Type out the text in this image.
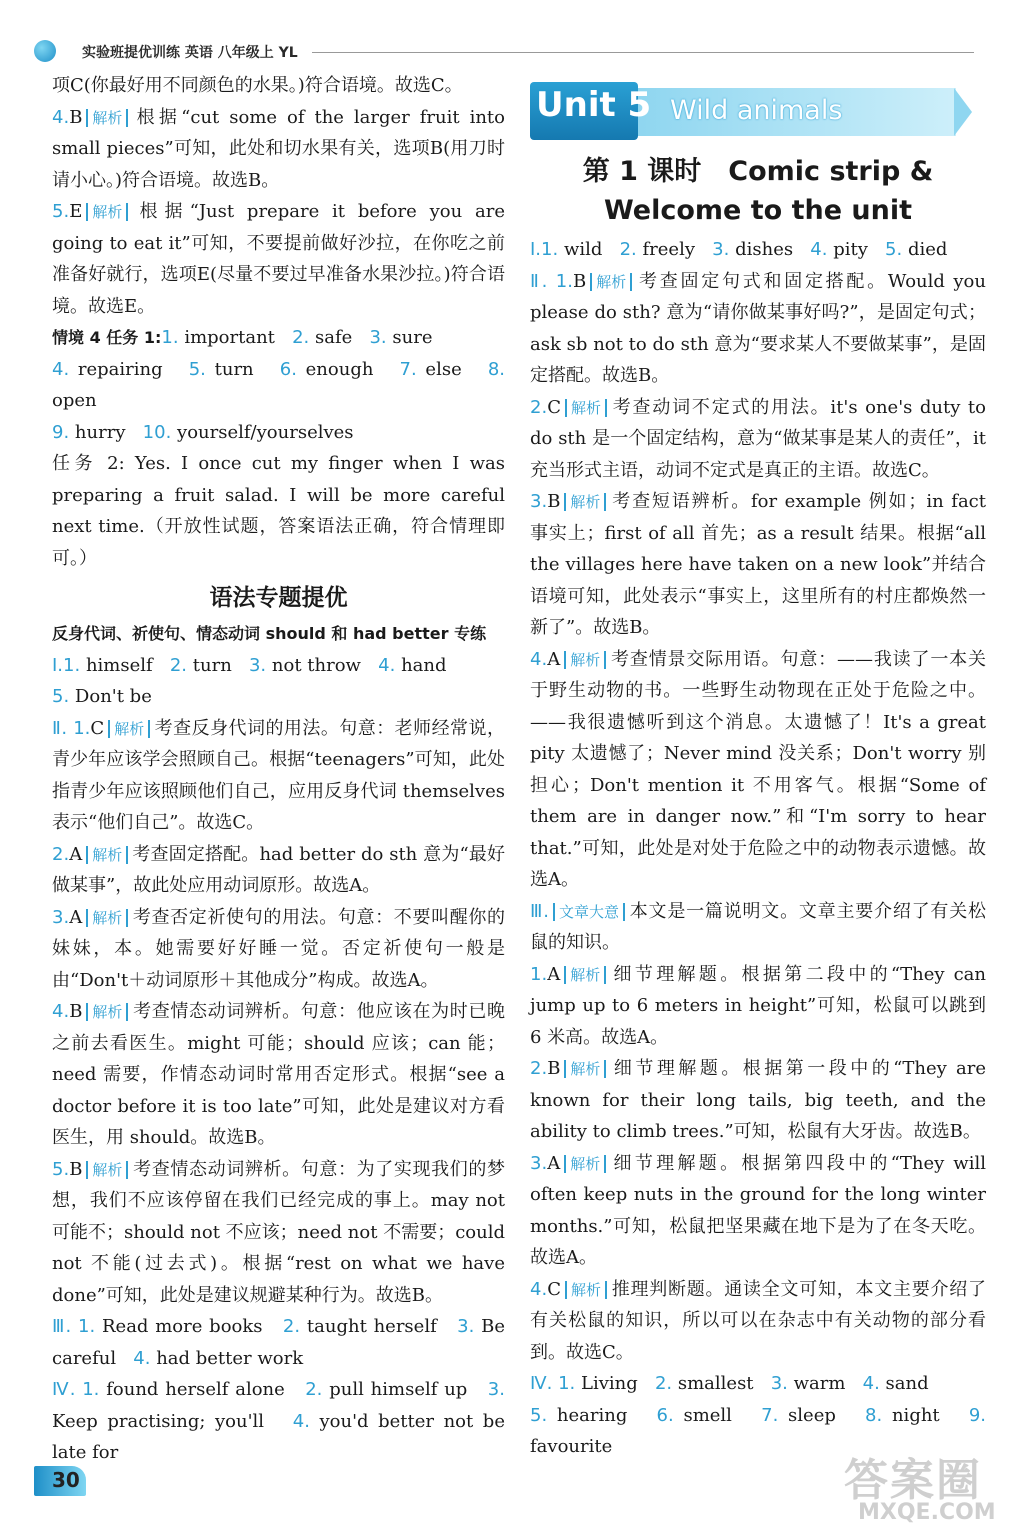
实验班提优训练 英语 八年级上 YL

项C(你最好用不同颜色的水果。)符合语境。故选C。

4.B 解析 根据“cut some of the larger fruit into small pieces”可知，此处和切水果有关，选项B(用刀时请小心。)符合语境。故选B。

5.E 解析 根据“Just prepare it before you are going to eat it”可知，不要提前做好沙拉，在你吃之前准备好就行，选项E(尽量不要过早准备水果沙拉。)符合语境。故选E。

情境 4 任务 1:1. important 2. safe 3. sure
4. repairing 5. turn 6. enough 7. else 8. open
9. hurry 10. yourself/yourselves

任务 2: Yes. I once cut my finger when I was preparing a fruit salad. I will be more careful next time.（开放性试题，答案语法正确，符合情理即可。）

语法专题提优
反身代词、祈使句、情态动词 should 和 had better 专练

Ⅰ.1. himself 2. turn 3. not throw 4. hand
5. Don't be

Ⅱ. 1.C 解析 考查反身代词的用法。句意：老师经常说，青少年应该学会照顾自己。根据“teenagers”可知，此处指青少年应该照顾他们自己，应用反身代词 themselves 表示“他们自己”。故选C。

2.A 解析 考查固定搭配。had better do sth 意为“最好做某事”，故此处应用动词原形。故选A。

3.A 解析 考查否定祈使句的用法。句意：不要叫醒你的妹妹，本。她需要好好睡一觉。否定祈使句一般是由“Don't＋动词原形＋其他成分”构成。故选A。

4.B 解析 考查情态动词辨析。句意：他应该在为时已晚之前去看医生。might 可能；should 应该；can 能；need 需要，作情态动词时常用否定形式。根据“see a doctor before it is too late”可知，此处是建议对方看医生，用 should。故选B。

5.B 解析 考查情态动词辨析。句意：为了实现我们的梦想，我们不应该停留在我们已经完成的事上。may not 可能不；should not 不应该；need not 不需要；could not 不能(过去式)。根据“rest on what we have done”可知，此处是建议规避某种行为。故选B。

Ⅲ. 1. Read more books 2. taught herself 3. Be careful 4. had better work

Ⅳ. 1. found herself alone 2. pull himself up 3. Keep practising; you'll 4. you'd better not be late for

Unit 5 Wild animals
第 1 课时　Comic strip &
Welcome to the unit

Ⅰ.1. wild 2. freely 3. dishes 4. pity 5. died

Ⅱ. 1.B 解析 考查固定句式和固定搭配。Would you please do sth? 意为“请你做某事好吗?”，是固定句式；ask sb not to do sth 意为“要求某人不要做某事”，是固定搭配。故选B。

2.C 解析 考查动词不定式的用法。it's one's duty to do sth 是一个固定结构，意为“做某事是某人的责任”，it 充当形式主语，动词不定式是真正的主语。故选C。

3.B 解析 考查短语辨析。for example 例如；in fact 事实上；first of all 首先；as a result 结果。根据“all the villages here have taken on a new look”并结合语境可知，此处表示“事实上，这里所有的村庄都焕然一新了”。故选B。

4.A 解析 考查情景交际用语。句意：——我读了一本关于野生动物的书。一些野生动物现在正处于危险之中。——我很遗憾听到这个消息。太遗憾了！It's a great pity 太遗憾了；Never mind 没关系；Don't worry 别担心；Don't mention it 不用客气。根据“Some of them are in danger now.”和“I'm sorry to hear that.”可知，此处是对处于危险之中的动物表示遗憾。故选A。

Ⅲ. 文章大意 本文是一篇说明文。文章主要介绍了有关松鼠的知识。

1.A 解析 细节理解题。根据第二段中的“They can jump up to 6 meters in height”可知，松鼠可以跳到 6 米高。故选A。

2.B 解析 细节理解题。根据第一段中的“They are known for their long tails, big teeth, and the ability to climb trees.”可知，松鼠有大牙齿。故选B。

3.A 解析 细节理解题。根据第四段中的“They will often keep nuts in the ground for the long winter months.”可知，松鼠把坚果藏在地下是为了在冬天吃。故选A。

4.C 解析 推理判断题。通读全文可知，本文主要介绍了有关松鼠的知识，所以可以在杂志中有关动物的部分看到。故选C。

Ⅳ. 1. Living 2. smallest 3. warm 4. sand
5. hearing 6. smell 7. sleep 8. night 9. favourite

30	答案圈
MXQE.COM
